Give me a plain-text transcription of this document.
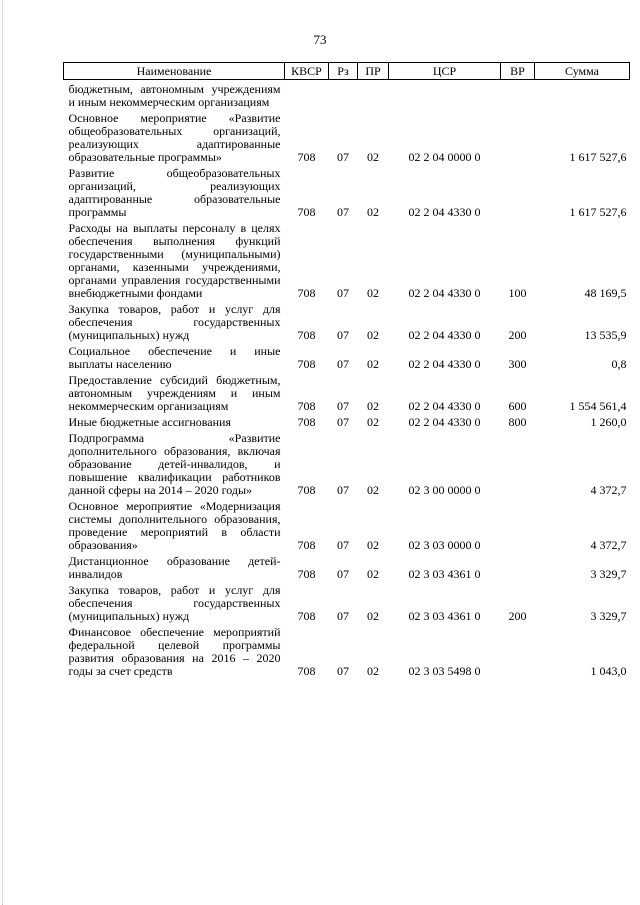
73
Наименование	КВСР	Рз	ПР	ЦСР	ВР	Сумма
бюджетным, автономным учреждениям и иным некоммерческим организациям						
Основное мероприятие «Развитие общеобразовательных организаций, реализующих адаптированные образовательные программы»	708	07	02	02 2 04 0000 0		1 617 527,6
Развитие общеобразовательных организаций, реализующих адаптированные образовательные программы	708	07	02	02 2 04 4330 0		1 617 527,6
Расходы на выплаты персоналу в целях обеспечения выполнения функций государственными (муниципальными) органами, казенными учреждениями, органами управления государственными внебюджетными фондами	708	07	02	02 2 04 4330 0	100	48 169,5
Закупка товаров, работ и услуг для обеспечения государственных (муниципальных) нужд	708	07	02	02 2 04 4330 0	200	13 535,9
Социальное обеспечение и иные выплаты населению	708	07	02	02 2 04 4330 0	300	0,8
Предоставление субсидий бюджетным, автономным учреждениям и иным некоммерческим организациям	708	07	02	02 2 04 4330 0	600	1 554 561,4
Иные бюджетные ассигнования	708	07	02	02 2 04 4330 0	800	1 260,0
Подпрограмма «Развитие дополнительного образования, включая образование детей-инвалидов, и повышение квалификации работников данной сферы на 2014 – 2020 годы»	708	07	02	02 3 00 0000 0		4 372,7
Основное мероприятие «Модернизация системы дополнительного образования, проведение мероприятий в области образования»	708	07	02	02 3 03 0000 0		4 372,7
Дистанционное образование детей-инвалидов	708	07	02	02 3 03 4361 0		3 329,7
Закупка товаров, работ и услуг для обеспечения государственных (муниципальных) нужд	708	07	02	02 3 03 4361 0	200	3 329,7
Финансовое обеспечение мероприятий федеральной целевой программы развития образования на 2016 – 2020 годы за счет средств	708	07	02	02 3 03 5498 0		1 043,0
